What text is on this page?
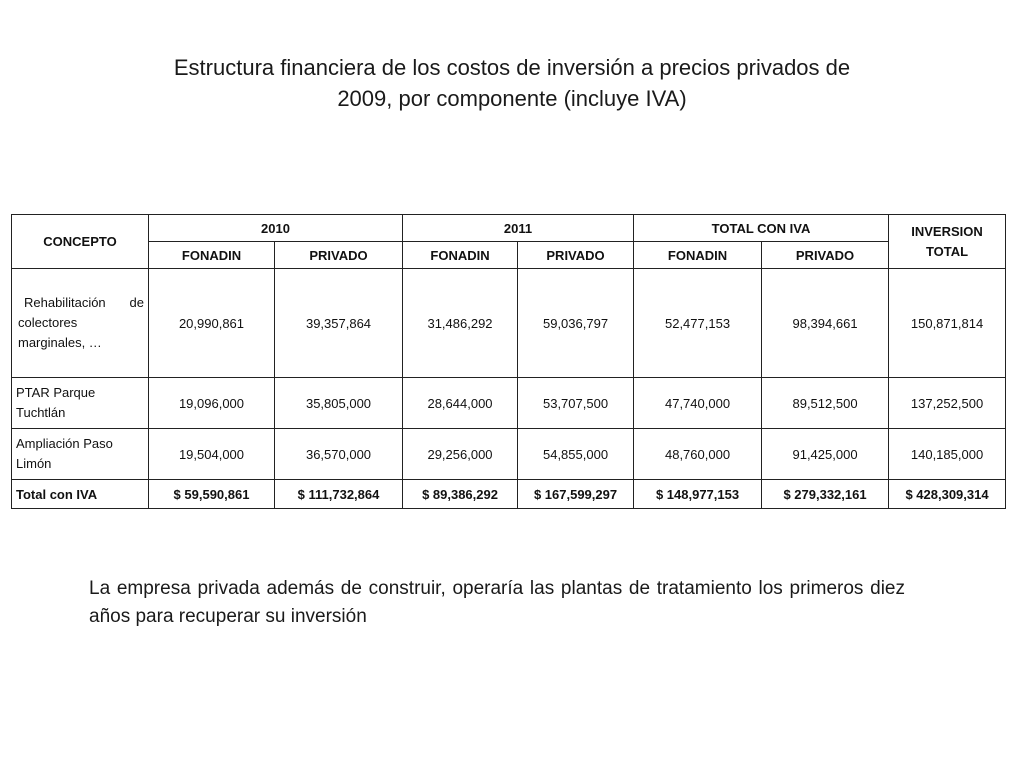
Estructura financiera de los costos de inversión a precios privados de
2009, por componente (incluye IVA)
CONCEPTO	2010		2011		TOTAL CON IVA		INVERSION TOTAL
	FONADIN	PRIVADO	FONADIN	PRIVADO	FONADIN	PRIVADO	
Rehabilitación de colectores marginales, …	20,990,861	39,357,864	31,486,292	59,036,797	52,477,153	98,394,661	150,871,814
PTAR Parque Tuchtlán	19,096,000	35,805,000	28,644,000	53,707,500	47,740,000	89,512,500	137,252,500
Ampliación Paso Limón	19,504,000	36,570,000	29,256,000	54,855,000	48,760,000	91,425,000	140,185,000
Total con IVA	$ 59,590,861	$ 111,732,864	$ 89,386,292	$ 167,599,297	$ 148,977,153	$ 279,332,161	$ 428,309,314
La empresa privada además de construir, operaría las plantas de tratamiento los primeros diez años para recuperar su inversión
